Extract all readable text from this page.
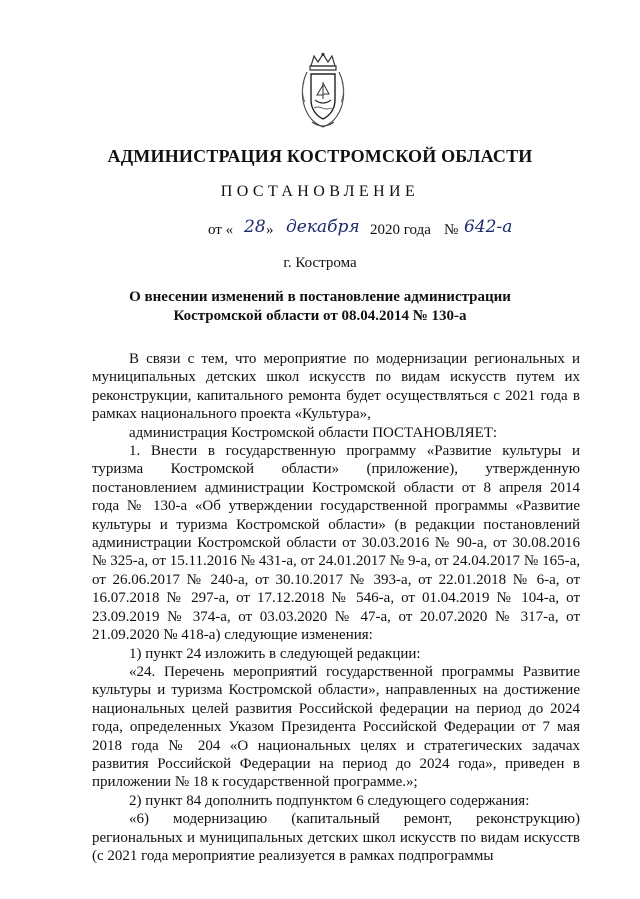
АДМИНИСТРАЦИЯ КОСТРОМСКОЙ ОБЛАСТИ
ПОСТАНОВЛЕНИЕ
от « 28 » декабря 2020 года № 642-а
г. Кострома
О внесении изменений в постановление администрации
Костромской области от 08.04.2014 № 130-а

В связи с тем, что мероприятие по модернизации региональных и муниципальных детских школ искусств по видам искусств путем их реконструкции, капитального ремонта будет осуществляться с 2021 года в рамках национального проекта «Культура»,

администрация Костромской области ПОСТАНОВЛЯЕТ:

1. Внести в государственную программу «Развитие культуры и туризма Костромской области» (приложение), утвержденную постановлением администрации Костромской области от 8 апреля 2014 года № 130-а «Об утверждении государственной программы «Развитие культуры и туризма Костромской области» (в редакции постановлений администрации Костромской области от 30.03.2016 № 90-а, от 30.08.2016 № 325-а, от 15.11.2016 № 431-а, от 24.01.2017 № 9-а, от 24.04.2017 № 165-а, от 26.06.2017 № 240-а, от 30.10.2017 № 393-а, от 22.01.2018 № 6-а, от 16.07.2018 № 297-а, от 17.12.2018 № 546-а, от 01.04.2019 № 104-а, от 23.09.2019 № 374-а, от 03.03.2020 № 47-а, от 20.07.2020 № 317-а, от 21.09.2020 № 418-а) следующие изменения:

1) пункт 24 изложить в следующей редакции:

«24. Перечень мероприятий государственной программы Развитие культуры и туризма Костромской области», направленных на достижение национальных целей развития Российской федерации на период до 2024 года, определенных Указом Президента Российской Федерации от 7 мая 2018 года № 204 «О национальных целях и стратегических задачах развития Российской Федерации на период до 2024 года», приведен в приложении № 18 к государственной программе.»;

2) пункт 84 дополнить подпунктом 6 следующего содержания:

«6) модернизацию (капитальный ремонт, реконструкцию) региональных и муниципальных детских школ искусств по видам искусств (с 2021 года мероприятие реализуется в рамках подпрограммы
